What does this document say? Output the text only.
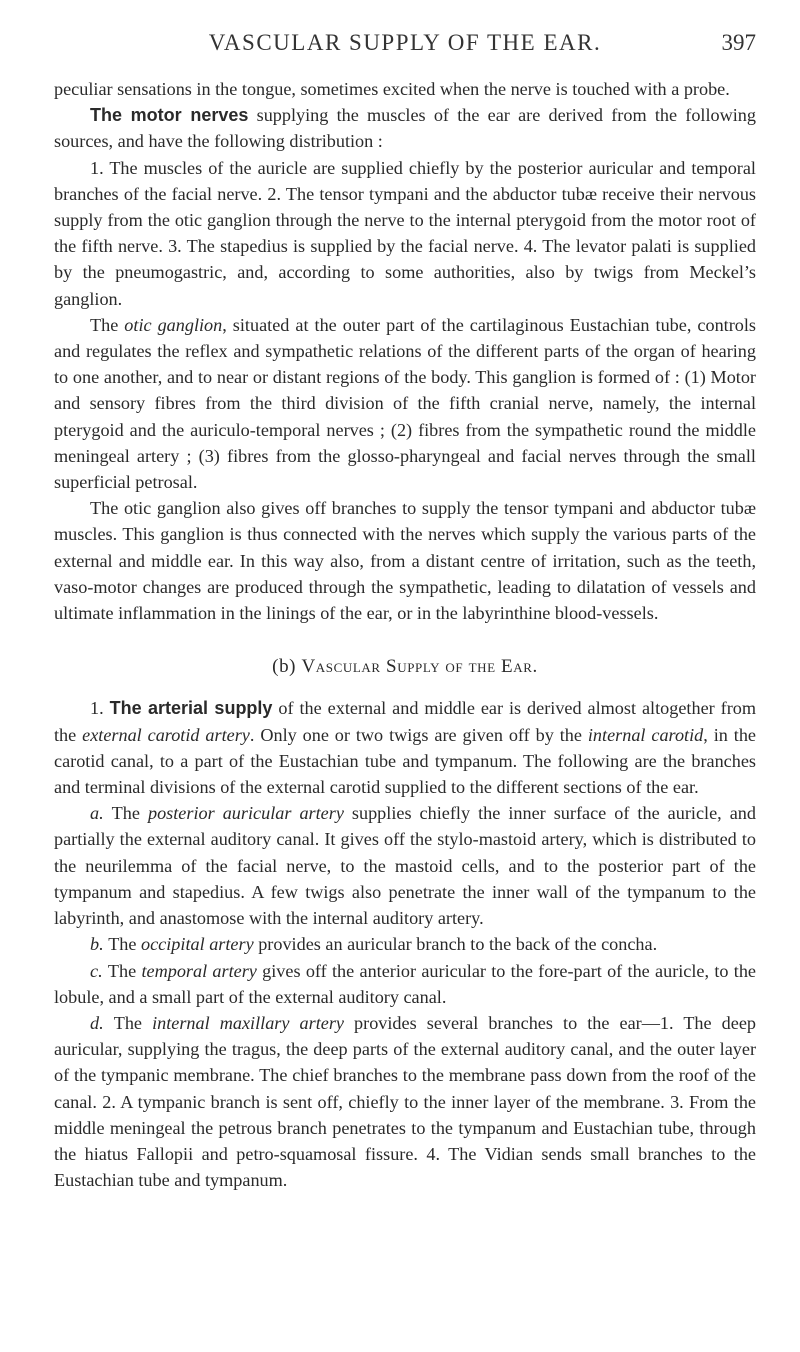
VASCULAR SUPPLY OF THE EAR.	397

peculiar sensations in the tongue, sometimes excited when the nerve is touched with a probe.

The motor nerves supplying the muscles of the ear are derived from the following sources, and have the following distribution :

1. The muscles of the auricle are supplied chiefly by the posterior auricular and temporal branches of the facial nerve. 2. The tensor tympani and the abductor tubæ receive their nervous supply from the otic ganglion through the nerve to the internal pterygoid from the motor root of the fifth nerve. 3. The stapedius is supplied by the facial nerve. 4. The levator palati is supplied by the pneumogastric, and, according to some authorities, also by twigs from Meckel’s ganglion.

The otic ganglion, situated at the outer part of the cartilaginous Eustachian tube, controls and regulates the reflex and sympathetic relations of the different parts of the organ of hearing to one another, and to near or distant regions of the body. This ganglion is formed of : (1) Motor and sensory fibres from the third division of the fifth cranial nerve, namely, the internal pterygoid and the auriculo-temporal nerves ; (2) fibres from the sympathetic round the middle meningeal artery ; (3) fibres from the glosso-pharyngeal and facial nerves through the small superficial petrosal.

The otic ganglion also gives off branches to supply the tensor tympani and abductor tubæ muscles. This ganglion is thus connected with the nerves which supply the various parts of the external and middle ear. In this way also, from a distant centre of irritation, such as the teeth, vaso-motor changes are produced through the sympathetic, leading to dilatation of vessels and ultimate inflammation in the linings of the ear, or in the labyrinthine blood-vessels.

(b) Vascular Supply of the Ear.

1. The arterial supply of the external and middle ear is derived almost altogether from the external carotid artery. Only one or two twigs are given off by the internal carotid, in the carotid canal, to a part of the Eustachian tube and tympanum. The following are the branches and terminal divisions of the external carotid supplied to the different sections of the ear.

a. The posterior auricular artery supplies chiefly the inner surface of the auricle, and partially the external auditory canal. It gives off the stylo-mastoid artery, which is distributed to the neurilemma of the facial nerve, to the mastoid cells, and to the posterior part of the tympanum and stapedius. A few twigs also penetrate the inner wall of the tympanum to the labyrinth, and anastomose with the internal auditory artery.

b. The occipital artery provides an auricular branch to the back of the concha.

c. The temporal artery gives off the anterior auricular to the fore-part of the auricle, to the lobule, and a small part of the external auditory canal.

d. The internal maxillary artery provides several branches to the ear—1. The deep auricular, supplying the tragus, the deep parts of the external auditory canal, and the outer layer of the tympanic membrane. The chief branches to the membrane pass down from the roof of the canal. 2. A tympanic branch is sent off, chiefly to the inner layer of the membrane. 3. From the middle meningeal the petrous branch penetrates to the tympanum and Eustachian tube, through the hiatus Fallopii and petro-squamosal fissure. 4. The Vidian sends small branches to the Eustachian tube and tympanum.
